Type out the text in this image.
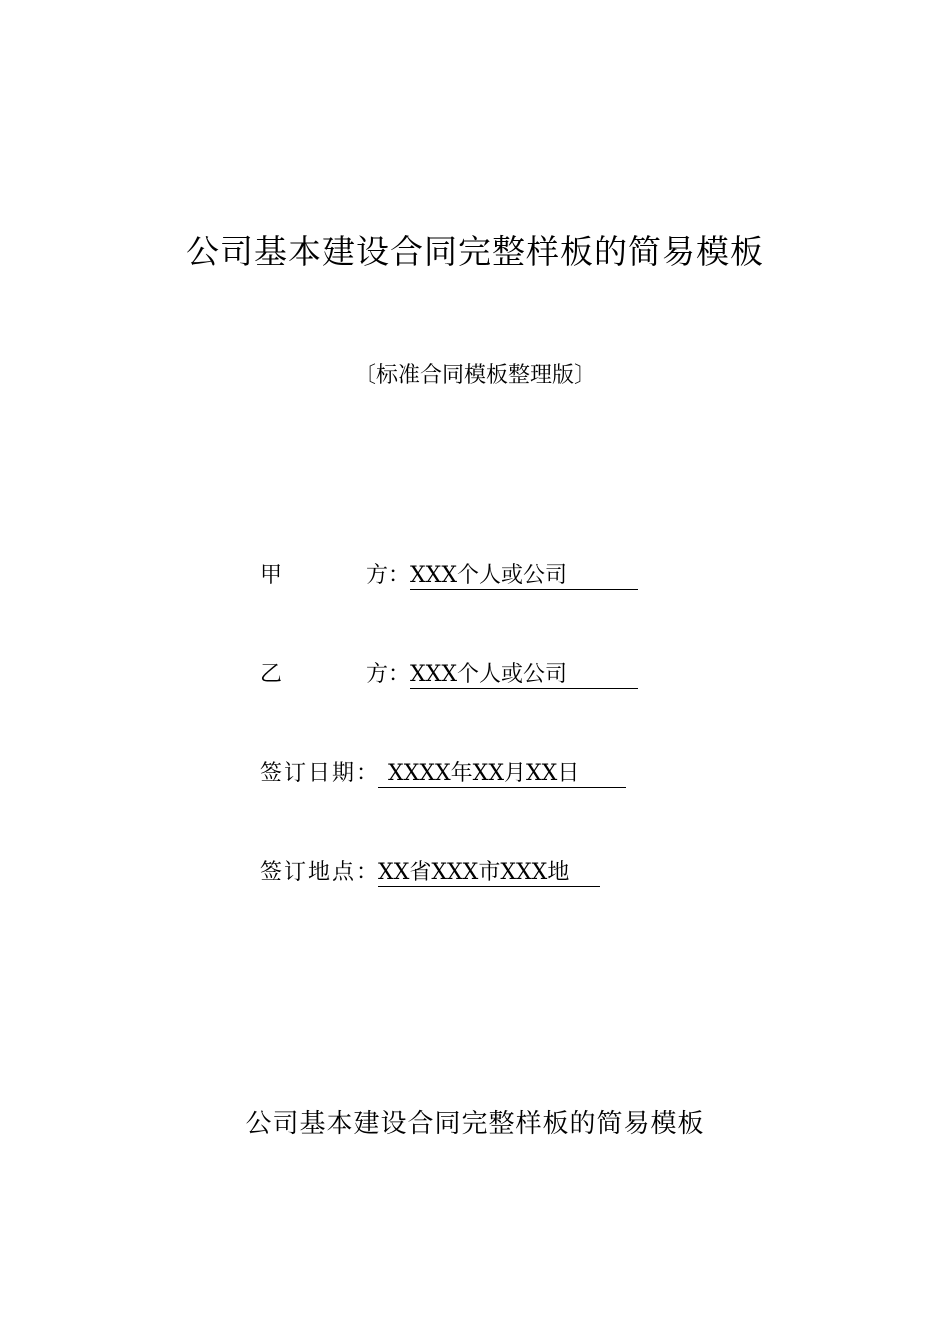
公司基本建设合同完整样板的简易模板
〔标准合同模板整理版〕
甲	方 ： XXX个人或公司
乙	方 ： XXX个人或公司
签订日期 ： XXXX年XX月XX日
签订地点 ： XX省XXX市XXX地
公司基本建设合同完整样板的简易模板
